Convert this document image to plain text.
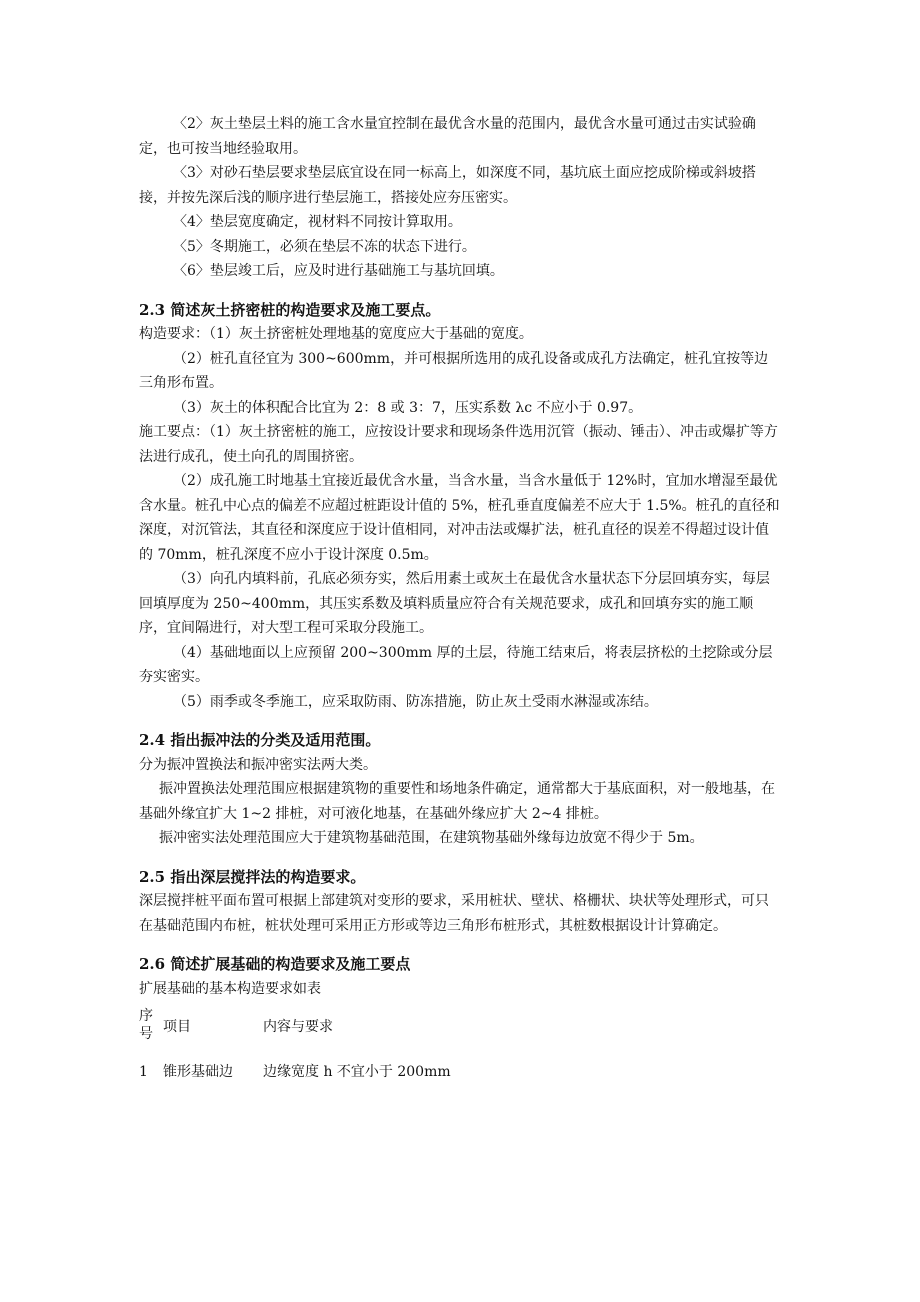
〈2〉灰土垫层土料的施工含水量宜控制在最优含水量的范围内，最优含水量可通过击实试验确定，也可按当地经验取用。

〈3〉对砂石垫层要求垫层底宜设在同一标高上，如深度不同，基坑底土面应挖成阶梯或斜坡搭接，并按先深后浅的顺序进行垫层施工，搭接处应夯压密实。

〈4〉垫层宽度确定，视材料不同按计算取用。

〈5〉冬期施工，必须在垫层不冻的状态下进行。

〈6〉垫层竣工后，应及时进行基础施工与基坑回填。

2.3 简述灰土挤密桩的构造要求及施工要点。

构造要求：（1）灰土挤密桩处理地基的宽度应大于基础的宽度。

（2）桩孔直径宜为 300~600mm，并可根据所选用的成孔设备或成孔方法确定，桩孔宜按等边三角形布置。

（3）灰土的体积配合比宜为 2：8 或 3：7，压实系数 λc 不应小于 0.97。

施工要点：（1）灰土挤密桩的施工，应按设计要求和现场条件选用沉管（振动、锤击）、冲击或爆扩等方法进行成孔，使土向孔的周围挤密。

（2）成孔施工时地基土宜接近最优含水量，当含水量，当含水量低于 12%时，宜加水增湿至最优含水量。桩孔中心点的偏差不应超过桩距设计值的 5%，桩孔垂直度偏差不应大于 1.5%。桩孔的直径和深度，对沉管法，其直径和深度应于设计值相同，对冲击法或爆扩法，桩孔直径的误差不得超过设计值的 70mm，桩孔深度不应小于设计深度 0.5m。

（3）向孔内填料前，孔底必须夯实，然后用素土或灰土在最优含水量状态下分层回填夯实，每层回填厚度为 250~400mm，其压实系数及填料质量应符合有关规范要求，成孔和回填夯实的施工顺序，宜间隔进行，对大型工程可采取分段施工。

（4）基础地面以上应预留 200~300mm 厚的土层，待施工结束后，将表层挤松的土挖除或分层夯实密实。

（5）雨季或冬季施工，应采取防雨、防冻措施，防止灰土受雨水淋湿或冻结。

2.4 指出振冲法的分类及适用范围。

分为振冲置换法和振冲密实法两大类。

振冲置换法处理范围应根据建筑物的重要性和场地条件确定，通常都大于基底面积，对一般地基，在基础外缘宜扩大 1~2 排桩，对可液化地基，在基础外缘应扩大 2~4 排桩。

振冲密实法处理范围应大于建筑物基础范围，在建筑物基础外缘每边放宽不得少于 5m。

2.5 指出深层搅拌法的构造要求。

深层搅拌桩平面布置可根据上部建筑对变形的要求，采用桩状、壁状、格栅状、块状等处理形式，可只在基础范围内布桩，桩状处理可采用正方形或等边三角形布桩形式，其桩数根据设计计算确定。

2.6 简述扩展基础的构造要求及施工要点

扩展基础的基本构造要求如表

序号 项目	内容与要求
1	锥形基础边	边缘宽度 h 不宜小于 200mm
